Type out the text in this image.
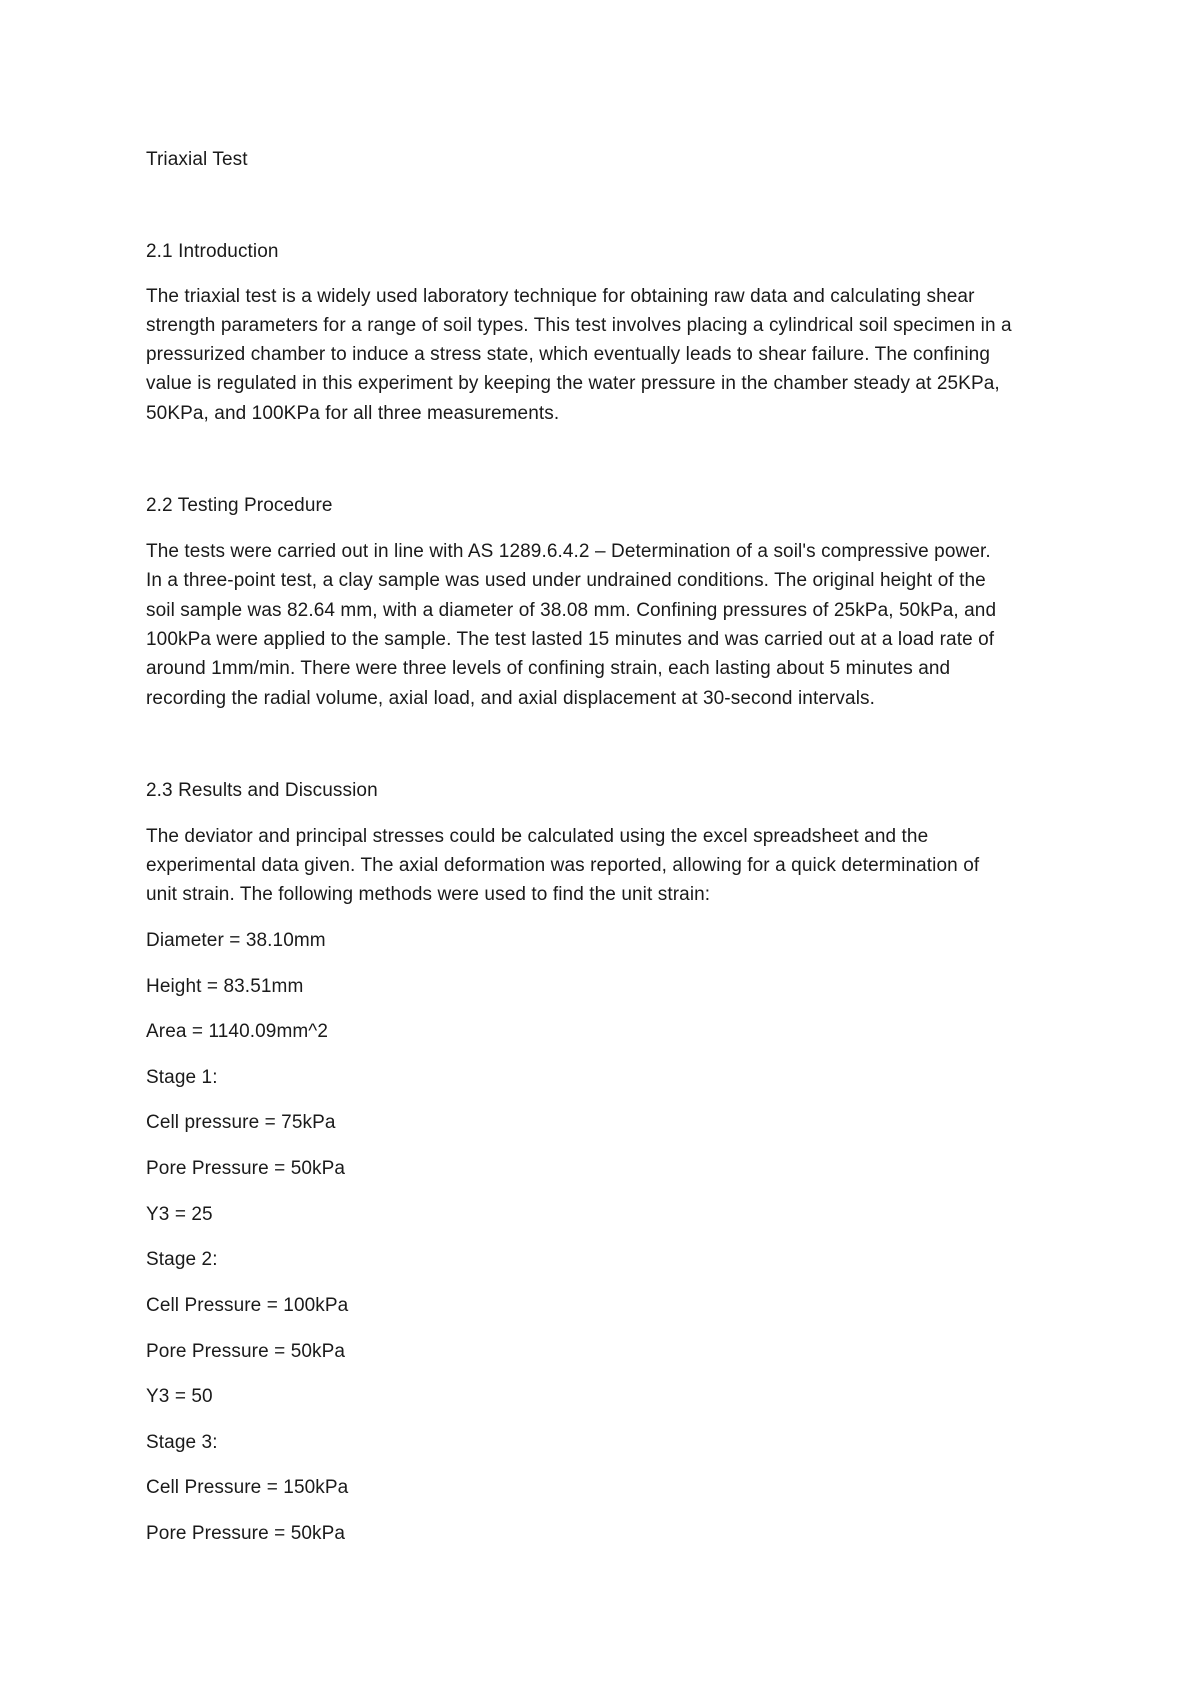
Triaxial Test
2.1 Introduction
The triaxial test is a widely used laboratory technique for obtaining raw data and calculating shear
strength parameters for a range of soil types. This test involves placing a cylindrical soil specimen in a
pressurized chamber to induce a stress state, which eventually leads to shear failure. The confining
value is regulated in this experiment by keeping the water pressure in the chamber steady at 25KPa,
50KPa, and 100KPa for all three measurements.
2.2 Testing Procedure
The tests were carried out in line with AS 1289.6.4.2 – Determination of a soil's compressive power.
In a three-point test, a clay sample was used under undrained conditions. The original height of the
soil sample was 82.64 mm, with a diameter of 38.08 mm. Confining pressures of 25kPa, 50kPa, and
100kPa were applied to the sample. The test lasted 15 minutes and was carried out at a load rate of
around 1mm/min. There were three levels of confining strain, each lasting about 5 minutes and
recording the radial volume, axial load, and axial displacement at 30-second intervals.
2.3 Results and Discussion
The deviator and principal stresses could be calculated using the excel spreadsheet and the
experimental data given. The axial deformation was reported, allowing for a quick determination of
unit strain. The following methods were used to find the unit strain:
Diameter = 38.10mm
Height = 83.51mm
Area = 1140.09mm^2
Stage 1:
Cell pressure = 75kPa
Pore Pressure = 50kPa
Y3 = 25
Stage 2:
Cell Pressure = 100kPa
Pore Pressure = 50kPa
Y3 = 50
Stage 3:
Cell Pressure = 150kPa
Pore Pressure = 50kPa
